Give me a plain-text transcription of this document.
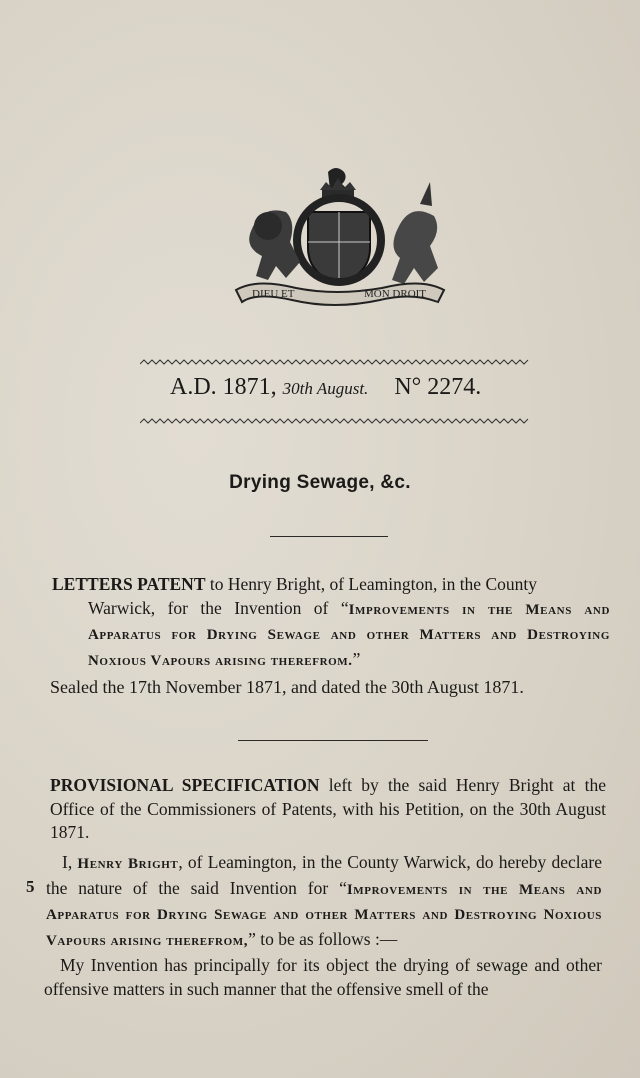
DIEU ET	MON DROIT
A.D. 1871, 30th August. N° 2274.
Drying Sewage, &c.
LETTERS PATENT to Henry Bright, of Leamington, in the County
Warwick, for the Invention of “Improvements in the Means and Apparatus for Drying Sewage and other Matters and Destroying Noxious Vapours arising therefrom.”
Sealed the 17th November 1871, and dated the 30th August 1871.
PROVISIONAL SPECIFICATION left by the said Henry Bright at the Office of the Commissioners of Patents, with his Petition, on the 30th August 1871.
5
I, Henry Bright, of Leamington, in the County Warwick, do hereby declare the nature of the said Invention for “Improvements in the Means and Apparatus for Drying Sewage and other Matters and Destroying Noxious Vapours arising therefrom,” to be as follows :—
My Invention has principally for its object the drying of sewage and other offensive matters in such manner that the offensive smell of the
